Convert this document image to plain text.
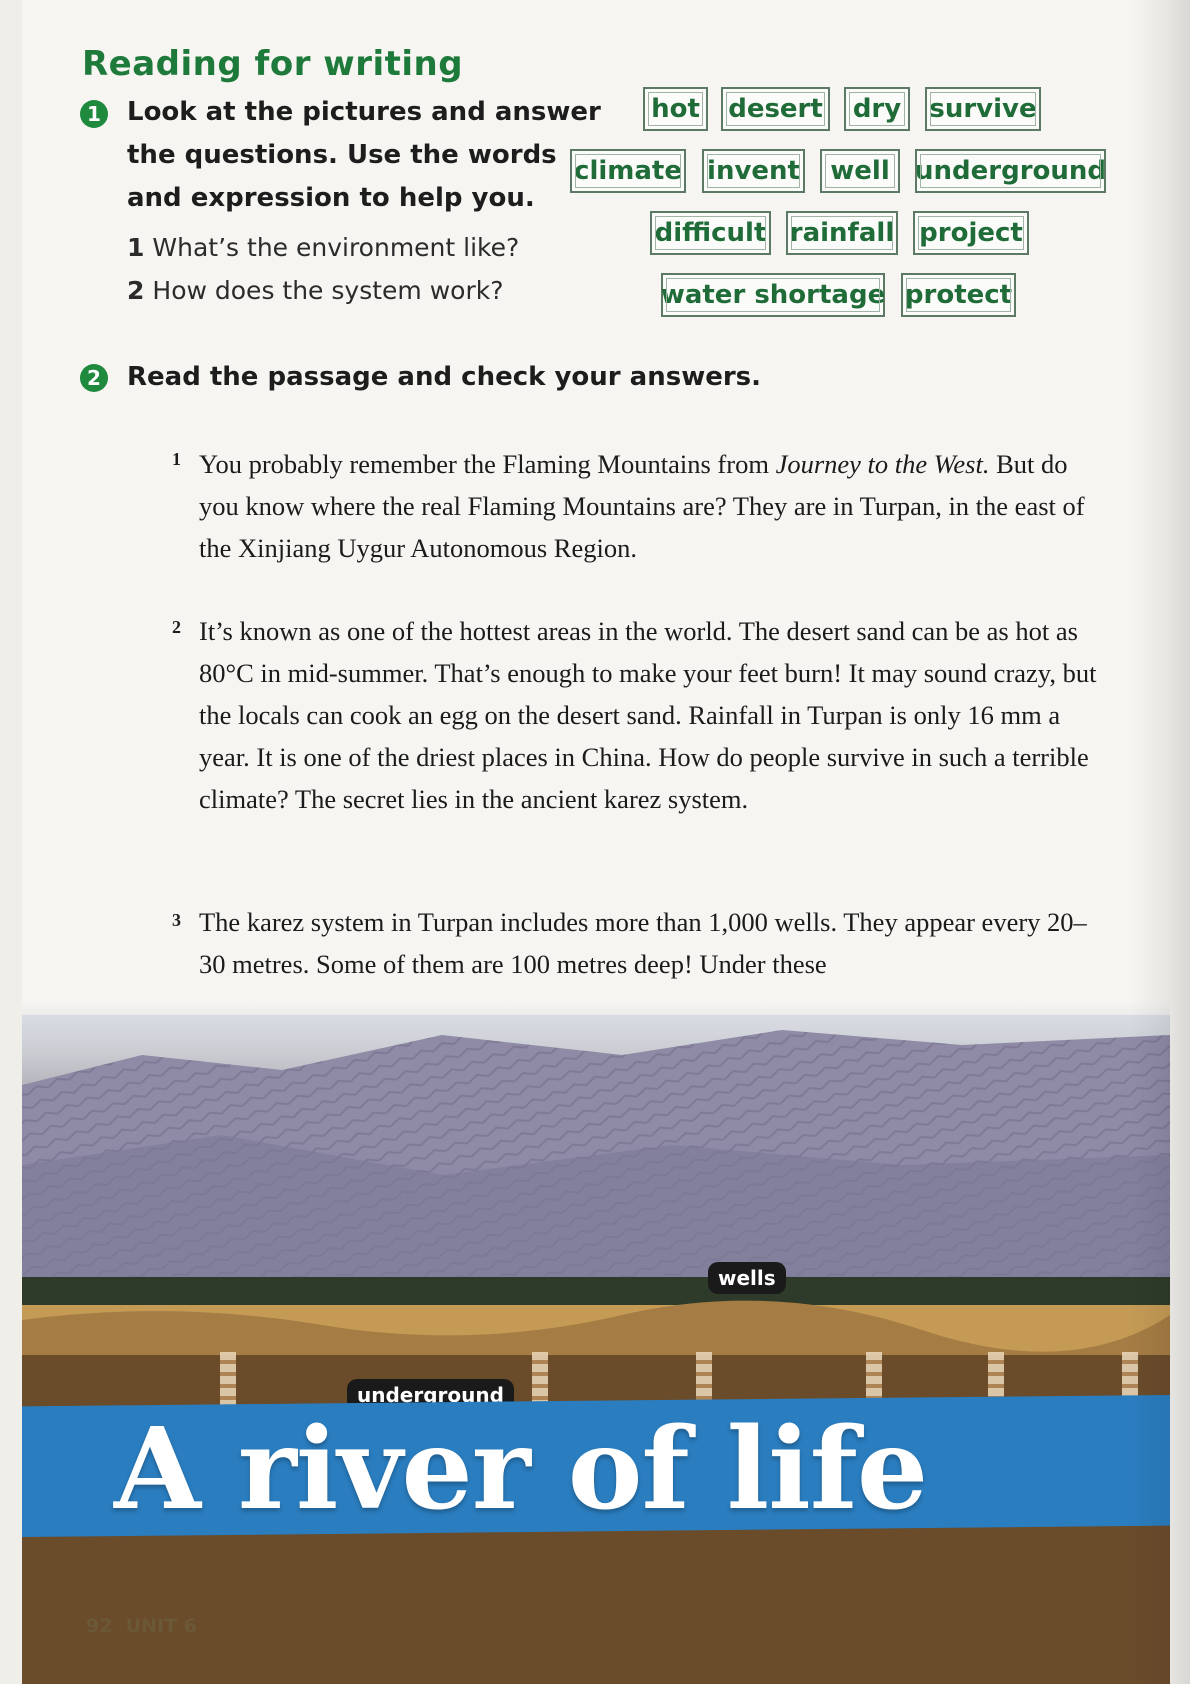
Reading for writing
1 Look at the pictures and answer
the questions. Use the words
and expression to help you.
1 What’s the environment like?
2 How does the system work?
hot	desert	dry	survive
climate invent	well underground
difficult rainfall project
water shortage protect
2 Read the passage and check your answers.
1 You probably remember the Flaming Mountains from Journey to the West. But do you know where the real Flaming Mountains are? They are in Turpan, in the east of the Xinjiang Uygur Autonomous Region.

2 It’s known as one of the hottest areas in the world. The desert sand can be as hot as 80°C in mid-summer. That’s enough to make your feet burn! It may sound crazy, but the locals can cook an egg on the desert sand. Rainfall in Turpan is only 16 mm a year. It is one of the driest places in China. How do people survive in such a terrible climate? The secret lies in the ancient karez system.

3 The karez system in Turpan includes more than 1,000 wells. They appear every 20–30 metres. Some of them are 100 metres deep! Under these

wells
underground
A river of life
92 UNIT 6
